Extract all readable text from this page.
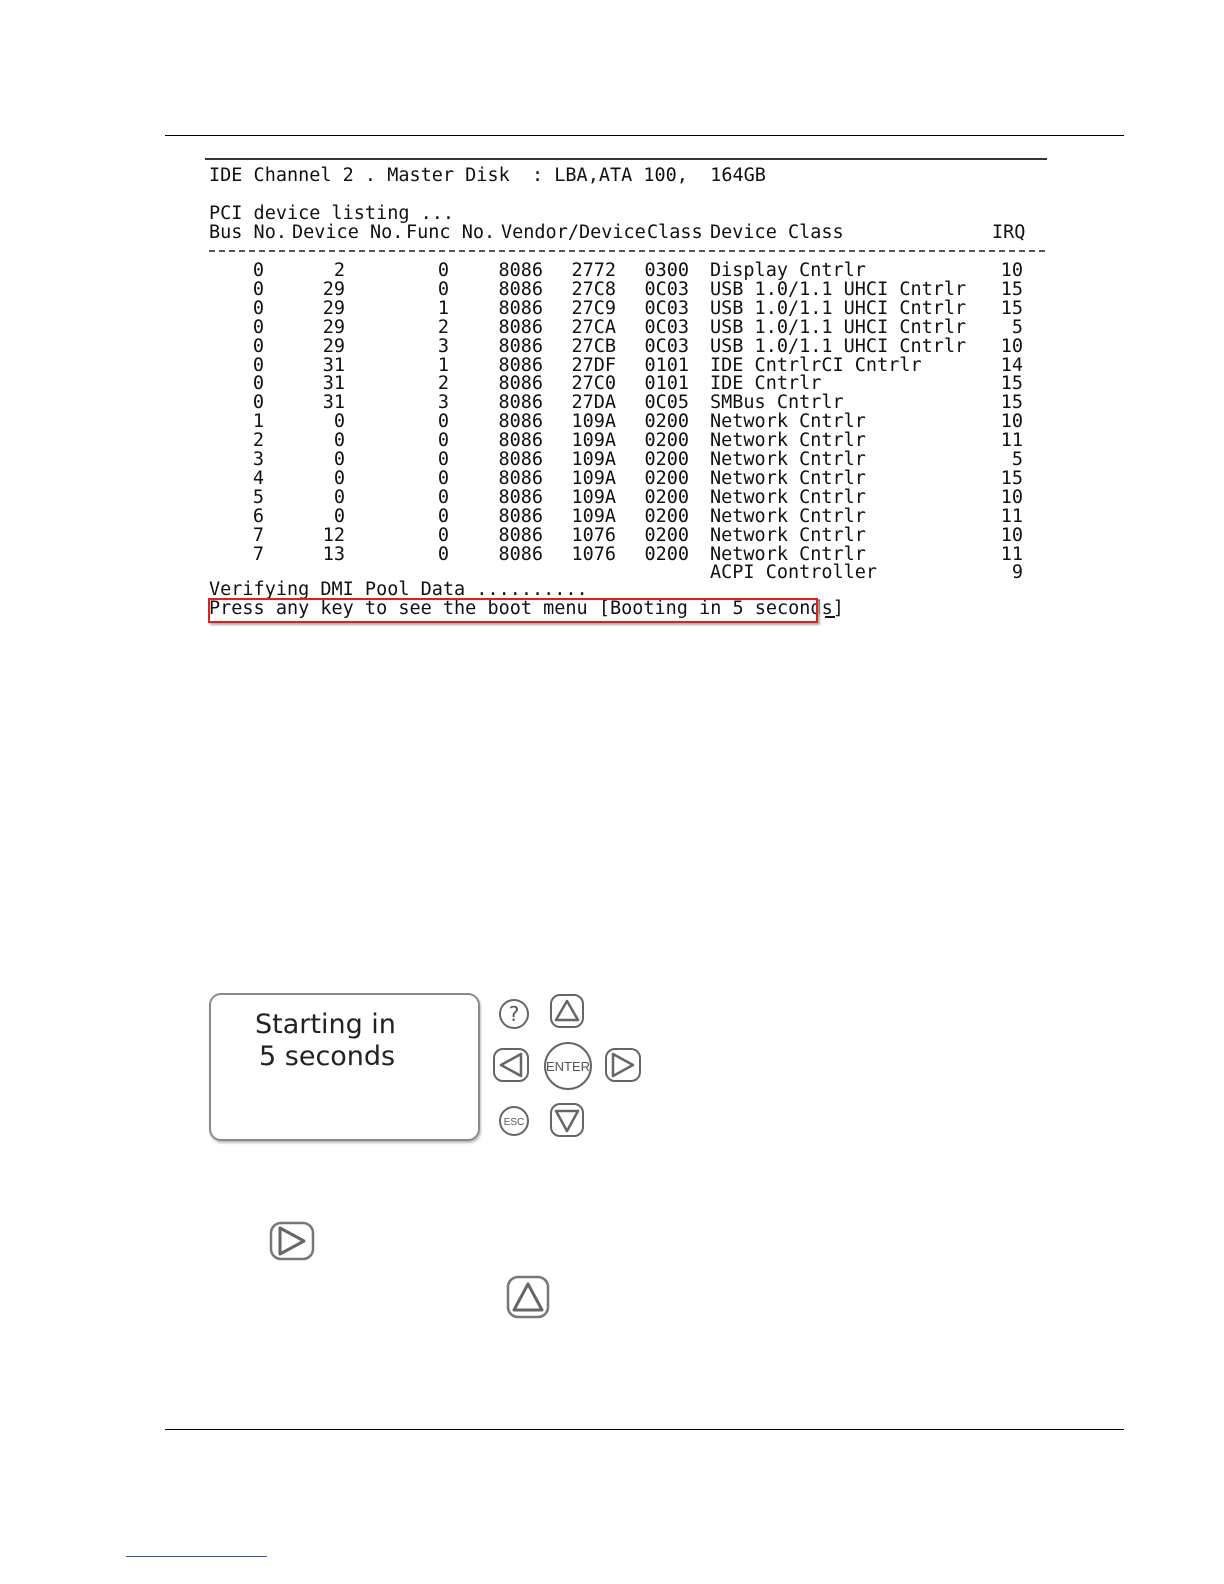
IDE Channel 2 . Master Disk  : LBA,ATA 100,  164GB
PCI device listing ...
Bus No. Device No. Func No. Vendor/Device Class Device Class	IRQ
0	2	0	8086 2772 0300 Display Cntrlr	10
0	29	0	8086 27C8 0C03 USB 1.0/1.1 UHCI Cntrlr 15
0	29	1	8086 27C9 0C03 USB 1.0/1.1 UHCI Cntrlr 15
0	29	2	8086 27CA 0C03 USB 1.0/1.1 UHCI Cntrlr 5
0	29	3	8086 27CB 0C03 USB 1.0/1.1 UHCI Cntrlr 10
0	31	1	8086 27DF 0101 IDE CntrlrCI Cntrlr	14
0	31	2	8086 27C0 0101 IDE Cntrlr	15
0	31	3	8086 27DA 0C05 SMBus Cntrlr	15
1	0	0	8086 109A 0200 Network Cntrlr	10
2	0	0	8086 109A 0200 Network Cntrlr	11
3	0	0	8086 109A 0200 Network Cntrlr	5
4	0	0	8086 109A 0200 Network Cntrlr	15
5	0	0	8086 109A 0200 Network Cntrlr	10
6	0	0	8086 109A 0200 Network Cntrlr	11
7	12	0	8086 1076 0200 Network Cntrlr	10
7	13	0	8086 1076 0200 Network Cntrlr	11
ACPI Controller	9
Verifying DMI Pool Data ..........
Press any key to see the boot menu [Booting in 5 seconds]
Starting in
5 seconds
?
ENTER
ESC
